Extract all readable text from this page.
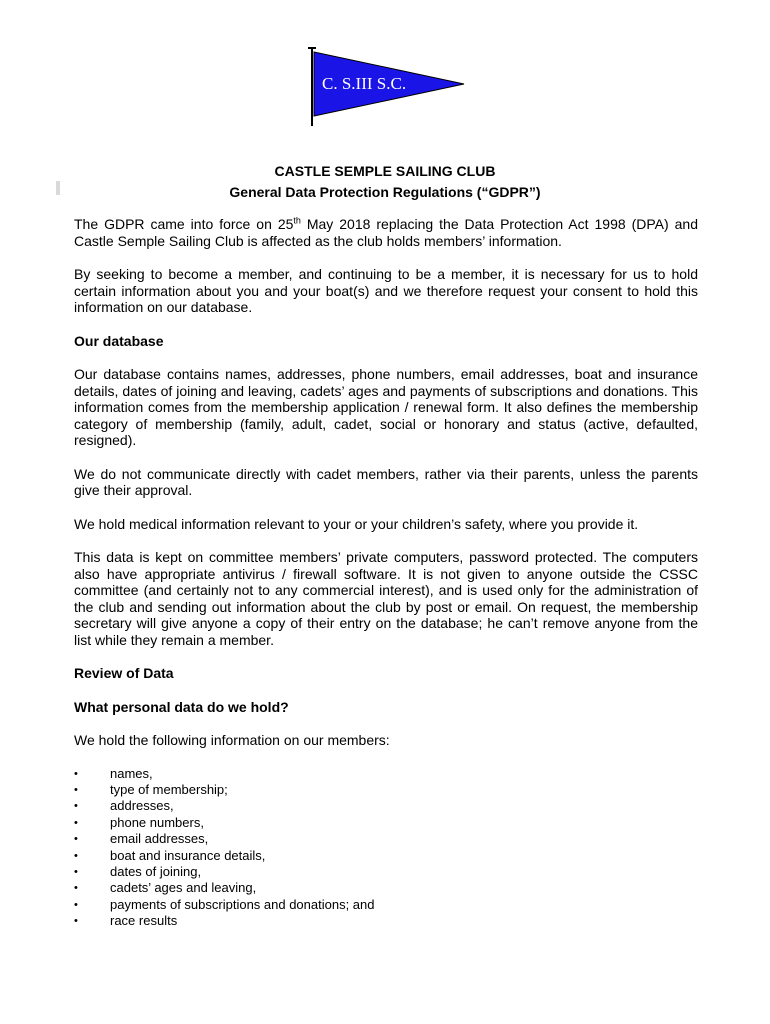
C. S.III S.C.
CASTLE SEMPLE SAILING CLUB
General Data Protection Regulations (“GDPR”)

The GDPR came into force on 25th May 2018 replacing the Data Protection Act 1998 (DPA) and Castle Semple Sailing Club is affected as the club holds members’ information.

By seeking to become a member, and continuing to be a member, it is necessary for us to hold certain information about you and your boat(s) and we therefore request your consent to hold this information on our database.

Our database

Our database contains names, addresses, phone numbers, email addresses, boat and insurance details, dates of joining and leaving, cadets’ ages and payments of subscriptions and donations. This information comes from the membership application / renewal form. It also defines the membership category of membership (family, adult, cadet, social or honorary and status (active, defaulted, resigned).

We do not communicate directly with cadet members, rather via their parents, unless the parents give their approval.

We hold medical information relevant to your or your children’s safety, where you provide it.

This data is kept on committee members’ private computers, password protected. The computers also have appropriate antivirus / firewall software. It is not given to anyone outside the CSSC committee (and certainly not to any commercial interest), and is used only for the administration of the club and sending out information about the club by post or email. On request, the membership secretary will give anyone a copy of their entry on the database; he can’t remove anyone from the list while they remain a member.

Review of Data

What personal data do we hold?

We hold the following information on our members:

• names,
• type of membership;
• addresses,
• phone numbers,
• email addresses,
• boat and insurance details,
• dates of joining,
• cadets’ ages and leaving,
• payments of subscriptions and donations; and
• race results
